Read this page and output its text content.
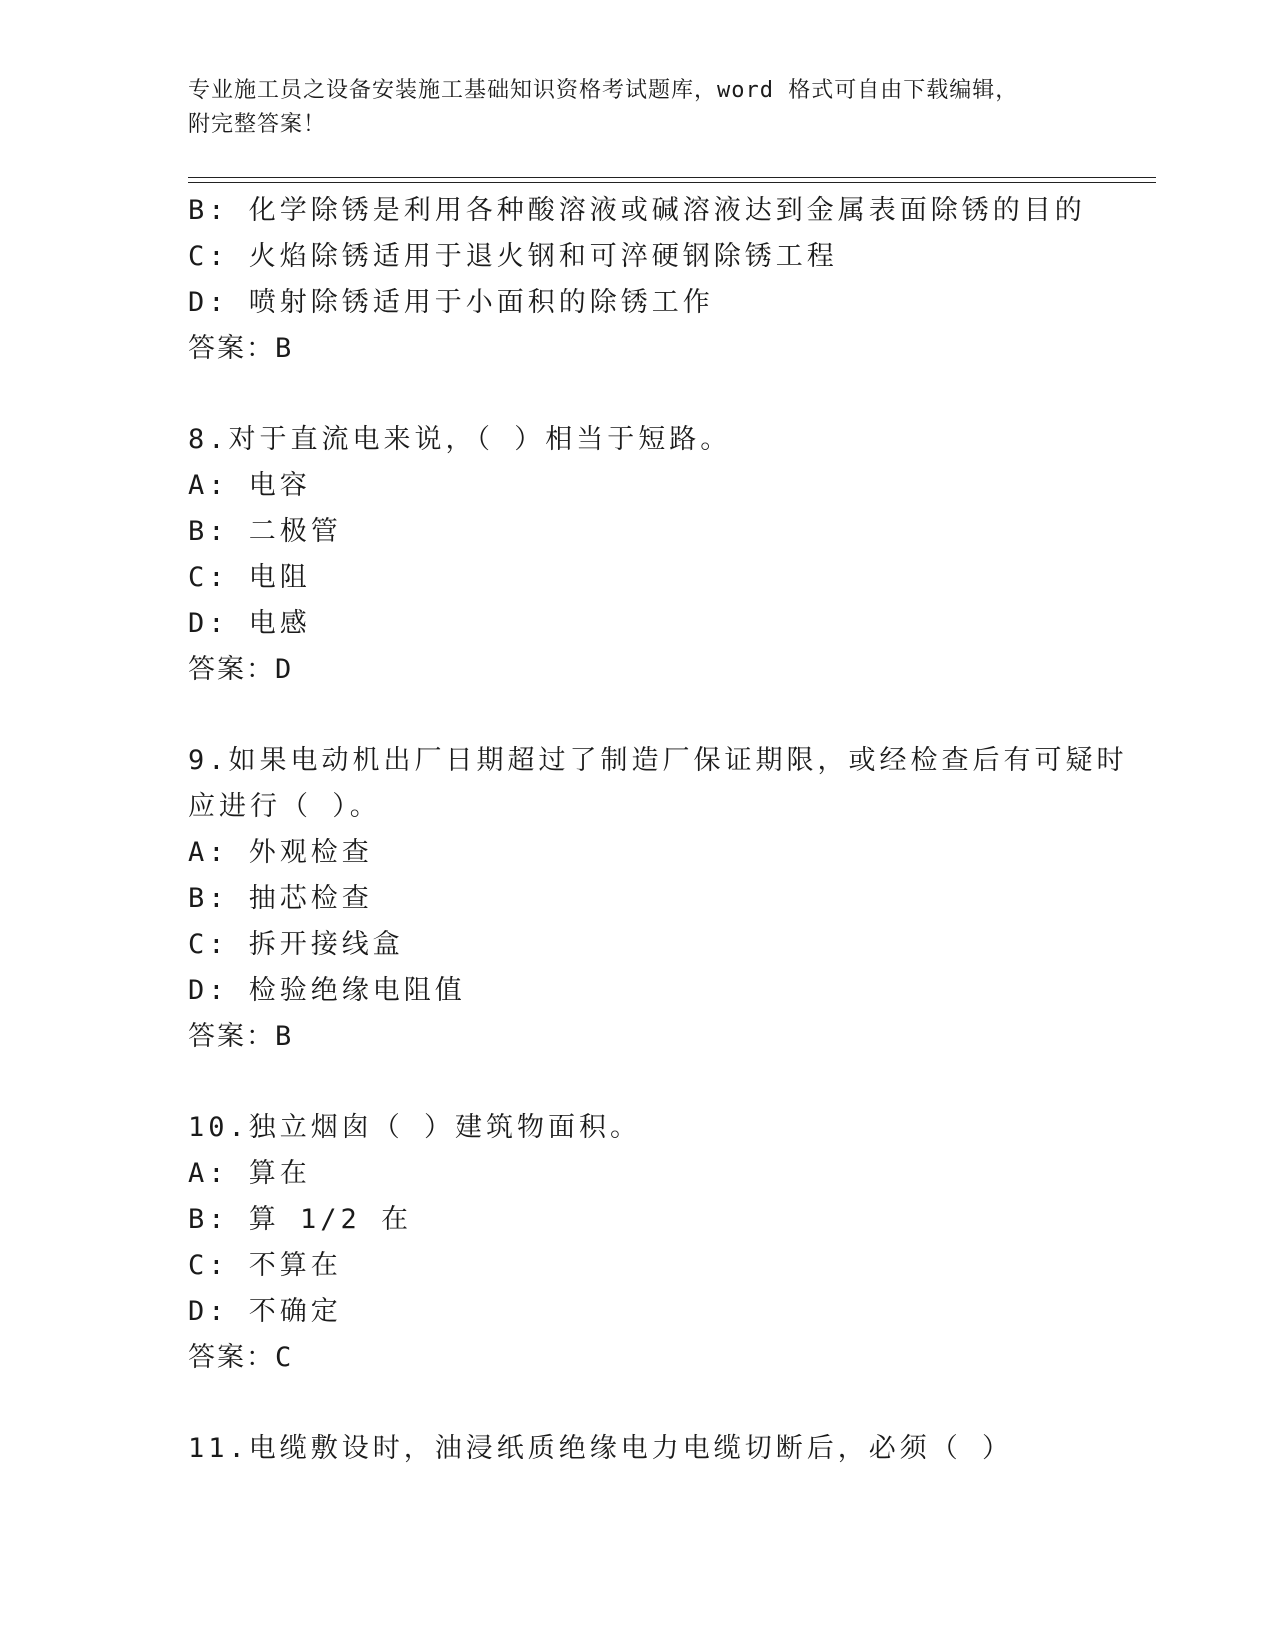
专业施工员之设备安装施工基础知识资格考试题库，word 格式可自由下载编辑，
附完整答案！
B: 化学除锈是利用各种酸溶液或碱溶液达到金属表面除锈的目的
C: 火焰除锈适用于退火钢和可淬硬钢除锈工程
D: 喷射除锈适用于小面积的除锈工作
答案：B
8.对于直流电来说，（ ）相当于短路。
A: 电容
B: 二极管
C: 电阻
D: 电感
答案：D
9.如果电动机出厂日期超过了制造厂保证期限，或经检查后有可疑时
应进行（ ）。
A: 外观检查
B: 抽芯检查
C: 拆开接线盒
D: 检验绝缘电阻值
答案：B
10.独立烟囱（ ）建筑物面积。
A: 算在
B: 算 1/2 在
C: 不算在
D: 不确定
答案：C
11.电缆敷设时，油浸纸质绝缘电力电缆切断后，必须（ ）
